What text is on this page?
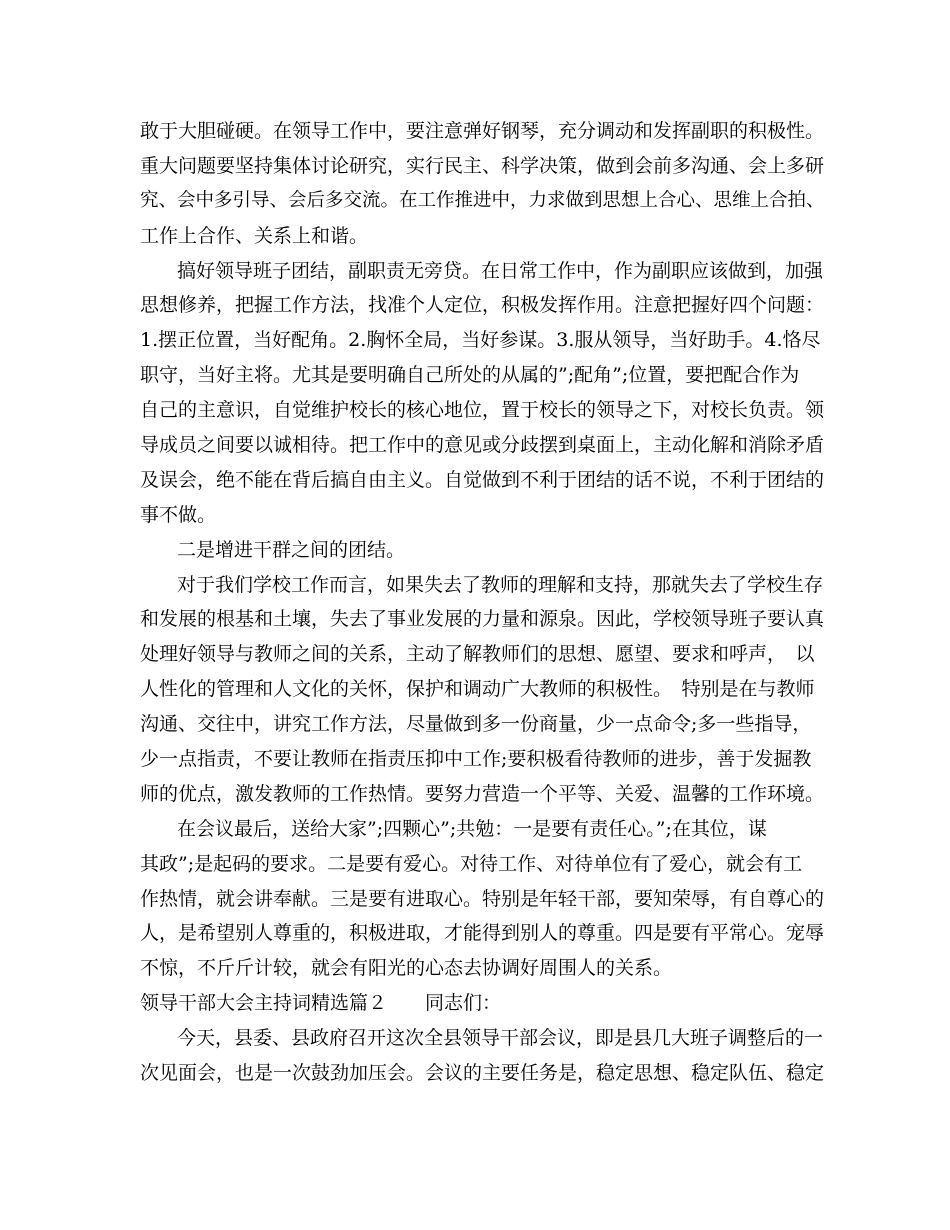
敢于大胆碰硬。在领导工作中，要注意弹好钢琴，充分调动和发挥副职的积极性。
重大问题要坚持集体讨论研究，实行民主、科学决策，做到会前多沟通、会上多研
究、会中多引导、会后多交流。在工作推进中，力求做到思想上合心、思维上合拍、
工作上合作、关系上和谐。
搞好领导班子团结，副职责无旁贷。在日常工作中，作为副职应该做到，加强
思想修养，把握工作方法，找准个人定位，积极发挥作用。注意把握好四个问题：
1.摆正位置，当好配角。2.胸怀全局，当好参谋。3.服从领导，当好助手。4.恪尽
职守，当好主将。尤其是要明确自己所处的从属的”;配角”;位置，要把配合作为
自己的主意识，自觉维护校长的核心地位，置于校长的领导之下，对校长负责。领
导成员之间要以诚相待。把工作中的意见或分歧摆到桌面上，主动化解和消除矛盾
及误会，绝不能在背后搞自由主义。自觉做到不利于团结的话不说，不利于团结的
事不做。
二是增进干群之间的团结。
对于我们学校工作而言，如果失去了教师的理解和支持，那就失去了学校生存
和发展的根基和土壤，失去了事业发展的力量和源泉。因此，学校领导班子要认真
处理好领导与教师之间的关系，主动了解教师们的思想、愿望、要求和呼声，　以
人性化的管理和人文化的关怀，保护和调动广大教师的积极性。　特别是在与教师
沟通、交往中，讲究工作方法，尽量做到多一份商量，少一点命令;多一些指导，
少一点指责，不要让教师在指责压抑中工作;要积极看待教师的进步，善于发掘教
师的优点，激发教师的工作热情。要努力营造一个平等、关爱、温馨的工作环境。
在会议最后，送给大家”;四颗心”;共勉：一是要有责任心。”;在其位，谋
其政”;是起码的要求。二是要有爱心。对待工作、对待单位有了爱心，就会有工
作热情，就会讲奉献。三是要有进取心。特别是年轻干部，要知荣辱，有自尊心的
人，是希望别人尊重的，积极进取，才能得到别人的尊重。四是要有平常心。宠辱
不惊，不斤斤计较，就会有阳光的心态去协调好周围人的关系。
领导干部大会主持词精选篇２　　同志们：
今天，县委、县政府召开这次全县领导干部会议，即是县几大班子调整后的一
次见面会，也是一次鼓劲加压会。会议的主要任务是，稳定思想、稳定队伍、稳定
